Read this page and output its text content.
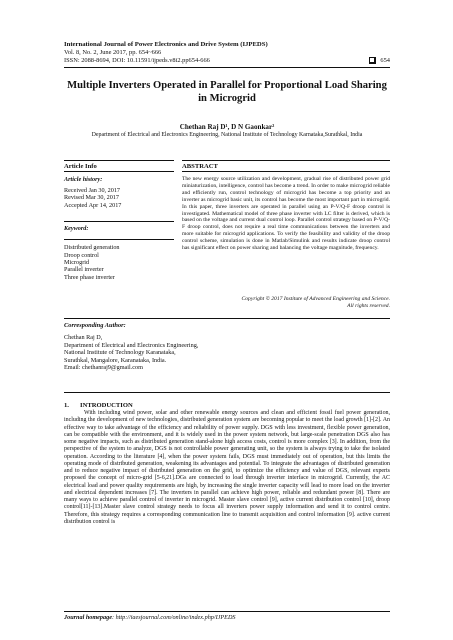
International Journal of Power Electronics and Drive System (IJPEDS)
Vol. 8, No. 2, June 2017, pp. 654~666
ISSN: 2088-8694, DOI: 10.11591/ijpeds.v8i2.pp654-666	654
Multiple Inverters Operated in Parallel for Proportional Load Sharing in Microgrid
Chethan Raj D¹, D N Gaonkar²
Department of Electrical and Electronics Engineering, National Institute of Technology Karnataka,Surathkal, India
Article Info	ABSTRACT
Article history:
Received Jan 30, 2017
Revised Mar 30, 2017
Accepted Apr 14, 2017
Keyword:
Distributed generation
Droop control
Microgrid
Parallel inverter
Three phase inverter
The new energy source utilization and development, gradual rise of distributed power grid miniaturization, intelligence, control has become a trend. In order to make microgrid reliable and efficiently run, control technology of microgrid has become a top priority and an inverter as microgrid basic unit, its control has become the most important part in microgrid. In this paper, three inverters are operated in parallel using an P-V/Q-F droop control is investigated. Mathematical model of three phase inverter with LC filter is derived, which is based on the voltage and current dual control loop. Parallel control strategy based on P-V/Q-F droop control, does not require a real time communications between the inverters and more suitable for microgrid applications. To verify the feasibility and validity of the droop control scheme, simulation is done in Matlab/Simulink and results indicate droop control has significant effect on power sharing and balancing the voltage magnitude, frequency.
Copyright © 2017 Institute of Advanced Engineering and Science.
All rights reserved.
Corresponding Author:
Chethan Raj D,
Department of Electrical and Electronics Engineering,
National Institute of Technology Karanataka,
Surathkal, Mangalore, Karanataka, India.
Email: chethanraj9@gmail.com
1. INTRODUCTION
With including wind power, solar and other renewable energy sources and clean and efficient fossil fuel power generation, including the development of new technologies, distributed generation system are becoming popular to meet the load growth [1]-[2]. An effective way to take advantage of the efficiency and reliability of power supply. DGS with less investment, flexible power generation, can be compatible with the environment, and it is widely used in the power system network, but large-scale penetration DGS also has some negative impacts, such as distributed generation stand-alone high access costs, control is more complex [3]. In addition, from the perspective of the system to analyze, DGS is not controllable power generating unit, so the system is always trying to take the isolated operation. According to the literature [4], when the power system fails, DGS must immediately out of operation, but this limits the operating mode of distributed generation, weakening its advantages and potential. To integrate the advantages of distributed generation and to reduce negative impact of distributed generation on the grid, to optimize the efficiency and value of DGS, relevant experts proposed the concept of micro-grid [5-6,21].DGs are connected to load through inverter interface in microgrid. Currently, the AC electrical load and power quality requirements are high, by increasing the single inverter capacity will lead to more load on the inverter and electrical dependent increases [7]. The inverters in parallel can achieve high power, reliable and redundant power [8]. There are many ways to achieve parallel control of inverter in microgrid. Master slave control [9], active current distribution control [10], droop control[11]-[13].Master slave control strategy needs to focus all inverters power supply information and send it to control centre. Therefore, this strategy requires a corresponding communication line to transmit acquisition and control information [9]. active current distribution control is
Journal homepage: http://iaesjournal.com/online/index.php/IJPEDS
